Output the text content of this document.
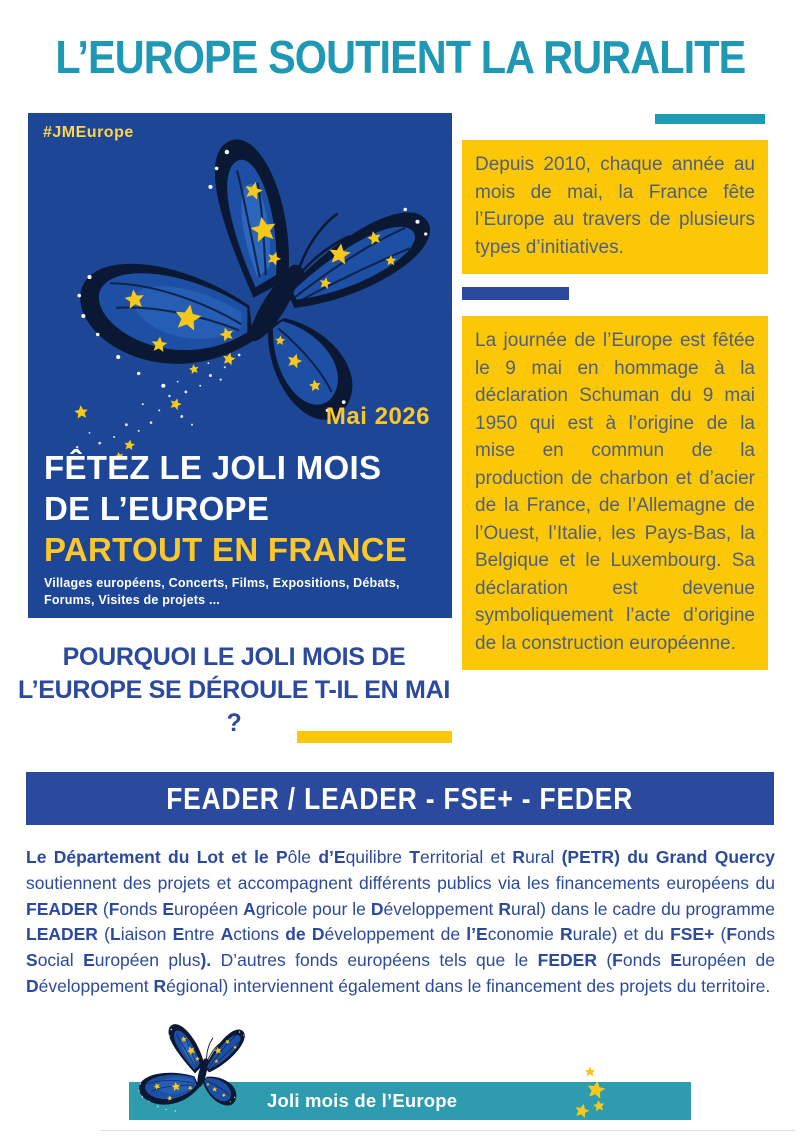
L’EUROPE SOUTIENT LA RURALITE
#JMEurope
Mai 2026
FÊTEZ LE JOLI MOIS
DE L’EUROPE
PARTOUT EN FRANCE
Villages européens, Concerts, Films, Expositions, Débats,
Forums, Visites de projets ...
Depuis 2010, chaque année au mois de mai, la France fête l’Europe au travers de plusieurs types d’initiatives.
La journée de l’Europe est fêtée le 9 mai en hommage à la déclaration Schuman du 9 mai 1950 qui est à l’origine de la mise en commun de la production de charbon et d’acier de la France, de l’Allemagne de l’Ouest, l’Italie, les Pays-Bas, la Belgique et le Luxembourg. Sa déclaration est devenue symboliquement l’acte d’origine de la construction européenne.
POURQUOI LE JOLI MOIS DE
L’EUROPE SE DÉROULE T-IL EN MAI ?
FEADER / LEADER - FSE+ - FEDER
Le Département du Lot et le Pôle d’Equilibre Territorial et Rural (PETR) du Grand Quercy soutiennent des projets et accompagnent différents publics via les financements européens du FEADER (Fonds Européen Agricole pour le Développement Rural) dans le cadre du programme LEADER (Liaison Entre Actions de Développement de l’Economie Rurale) et du FSE+ (Fonds Social Européen plus). D’autres fonds européens tels que le FEDER (Fonds Européen de Développement Régional) interviennent également dans le financement des projets du territoire.
Joli mois de l’Europe
